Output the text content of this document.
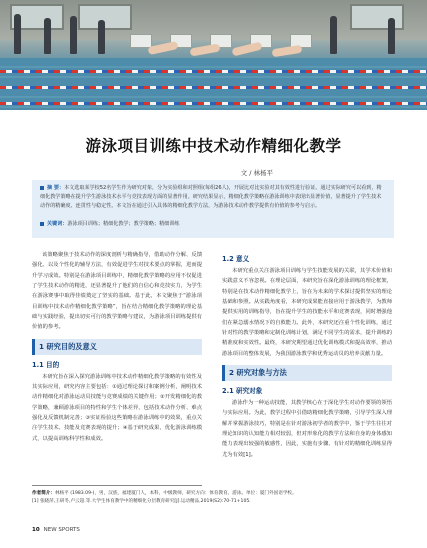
游泳项目训练中技术动作精细化教学
文 / 林杨平

摘 要：本文选取某学校52名学生作为研究对象，分为实验组和对照组(每组26人)，开展比对比实验对其有效性进行验证。通过实际研究可以看到，精细化教学策略在提升学生游泳技术水平与竞技表现方面的显著作用。研究结果显示，精细化教学策略在游泳训练中表现出显著价值，显著提升了学生技术动作的精确度、连贯性与稳定性。本文旨在通过引入具体的精细化教学方法，为游泳技术动作教学提供有价值的参考与启示。

关键词：游泳项目训练；精细化教学；教学策略；精细训练

该策略聚焦于技术动作的深度剖析与精确指导，借助动作分解、反馈强化、以及个性化的辅导方法，有效促进学生对技术要点的掌握，进而提升学习成效。特别是在游泳项目训练中，精细化教学策略的应用不仅促进了学生技术动作的精进，还显著提升了他们的自信心和竞技实力，为学生在游泳赛事中取得佳绩奠定了坚实的基础。基于此，本文聚焦于“游泳项目训练中技术动作精细化教学策略”，旨在结合精细化教学策略的理论基础与实践经验，提出切实可行的教学策略与建议，为游泳项目训练提供有价值的参考。

1 研究目的及意义
1.1 目的

本研究旨在深入探究游泳训练中技术动作精细化教学策略的有效性及其实际应用，研究内容主要包括：①通过理论探讨和案例分析，阐明技术动作精细化对游泳运动员技能与竞赛成绩的关键作用；②开发精细化的教学策略，兼顾游泳项目的特性和学生个体差异，包括技术动作分析、难点强化及反馈机制完善；③实证检验这些策略在游泳训练中的效果，重点关注学生技术、技能及竞赛表现的提升；④基于研究成果，优化游泳训练模式，以提高训练科学性和成效。

1.2 意义

本研究重点关注游泳项目训练与学生技能发展的关联，其学术价值和实践意义不容忽视。在理论层面，本研究旨在深化游泳训练的理论框架，特别是在技术动作精细化教学上，旨在为未来的学术探讨提供坚实的理论基础和参照。从实践角度看，本研究成果能直接应用于游泳教学，为教师提供实用的训练指导，旨在提升学生的技能水平和竞赛表现，同时增强他们在紧急溺水情况下的自救能力。此外，本研究还注重个性化训练，通过针对性的教学策略和定制化训练计划，满足不同学生的需求，提升训练的精准度和实效性。最终，本研究期望通过优化训练模式和提高效率，推动游泳项目的整体发展，为我国游泳教学和优秀运动员的培养贡献力量。

2 研究对象与方法
2.1 研究对象

游泳作为一种运动技能，其教学核心在于深化学生对动作要领的领悟与实际应用。为此，教学过程中引借助精细化教学策略，引导学生深入理解并掌握游泳技巧，特别是在针对游泳初学者的教学中，鉴于学生往往对理论知识的认知能力相对较弱，但对形象化的教学方法和自身的身体感知能力表现出较强的敏感性，因此，实施有步骤、有针对的精细化训练显得尤为有效[1]。

作者简介：林杨平 (1983.09-)，男，汉族，福建厦门人，本科，中级教师，研究方向：体育教育、游泳。单位：厦门外国语学校。
[1] 张晓萍,王研冬,卢云超.等.大学生体育教学中的精细化分层教育研究[J].运动精品,2019(S2):70-71+105.
10 NEW SPORTS
